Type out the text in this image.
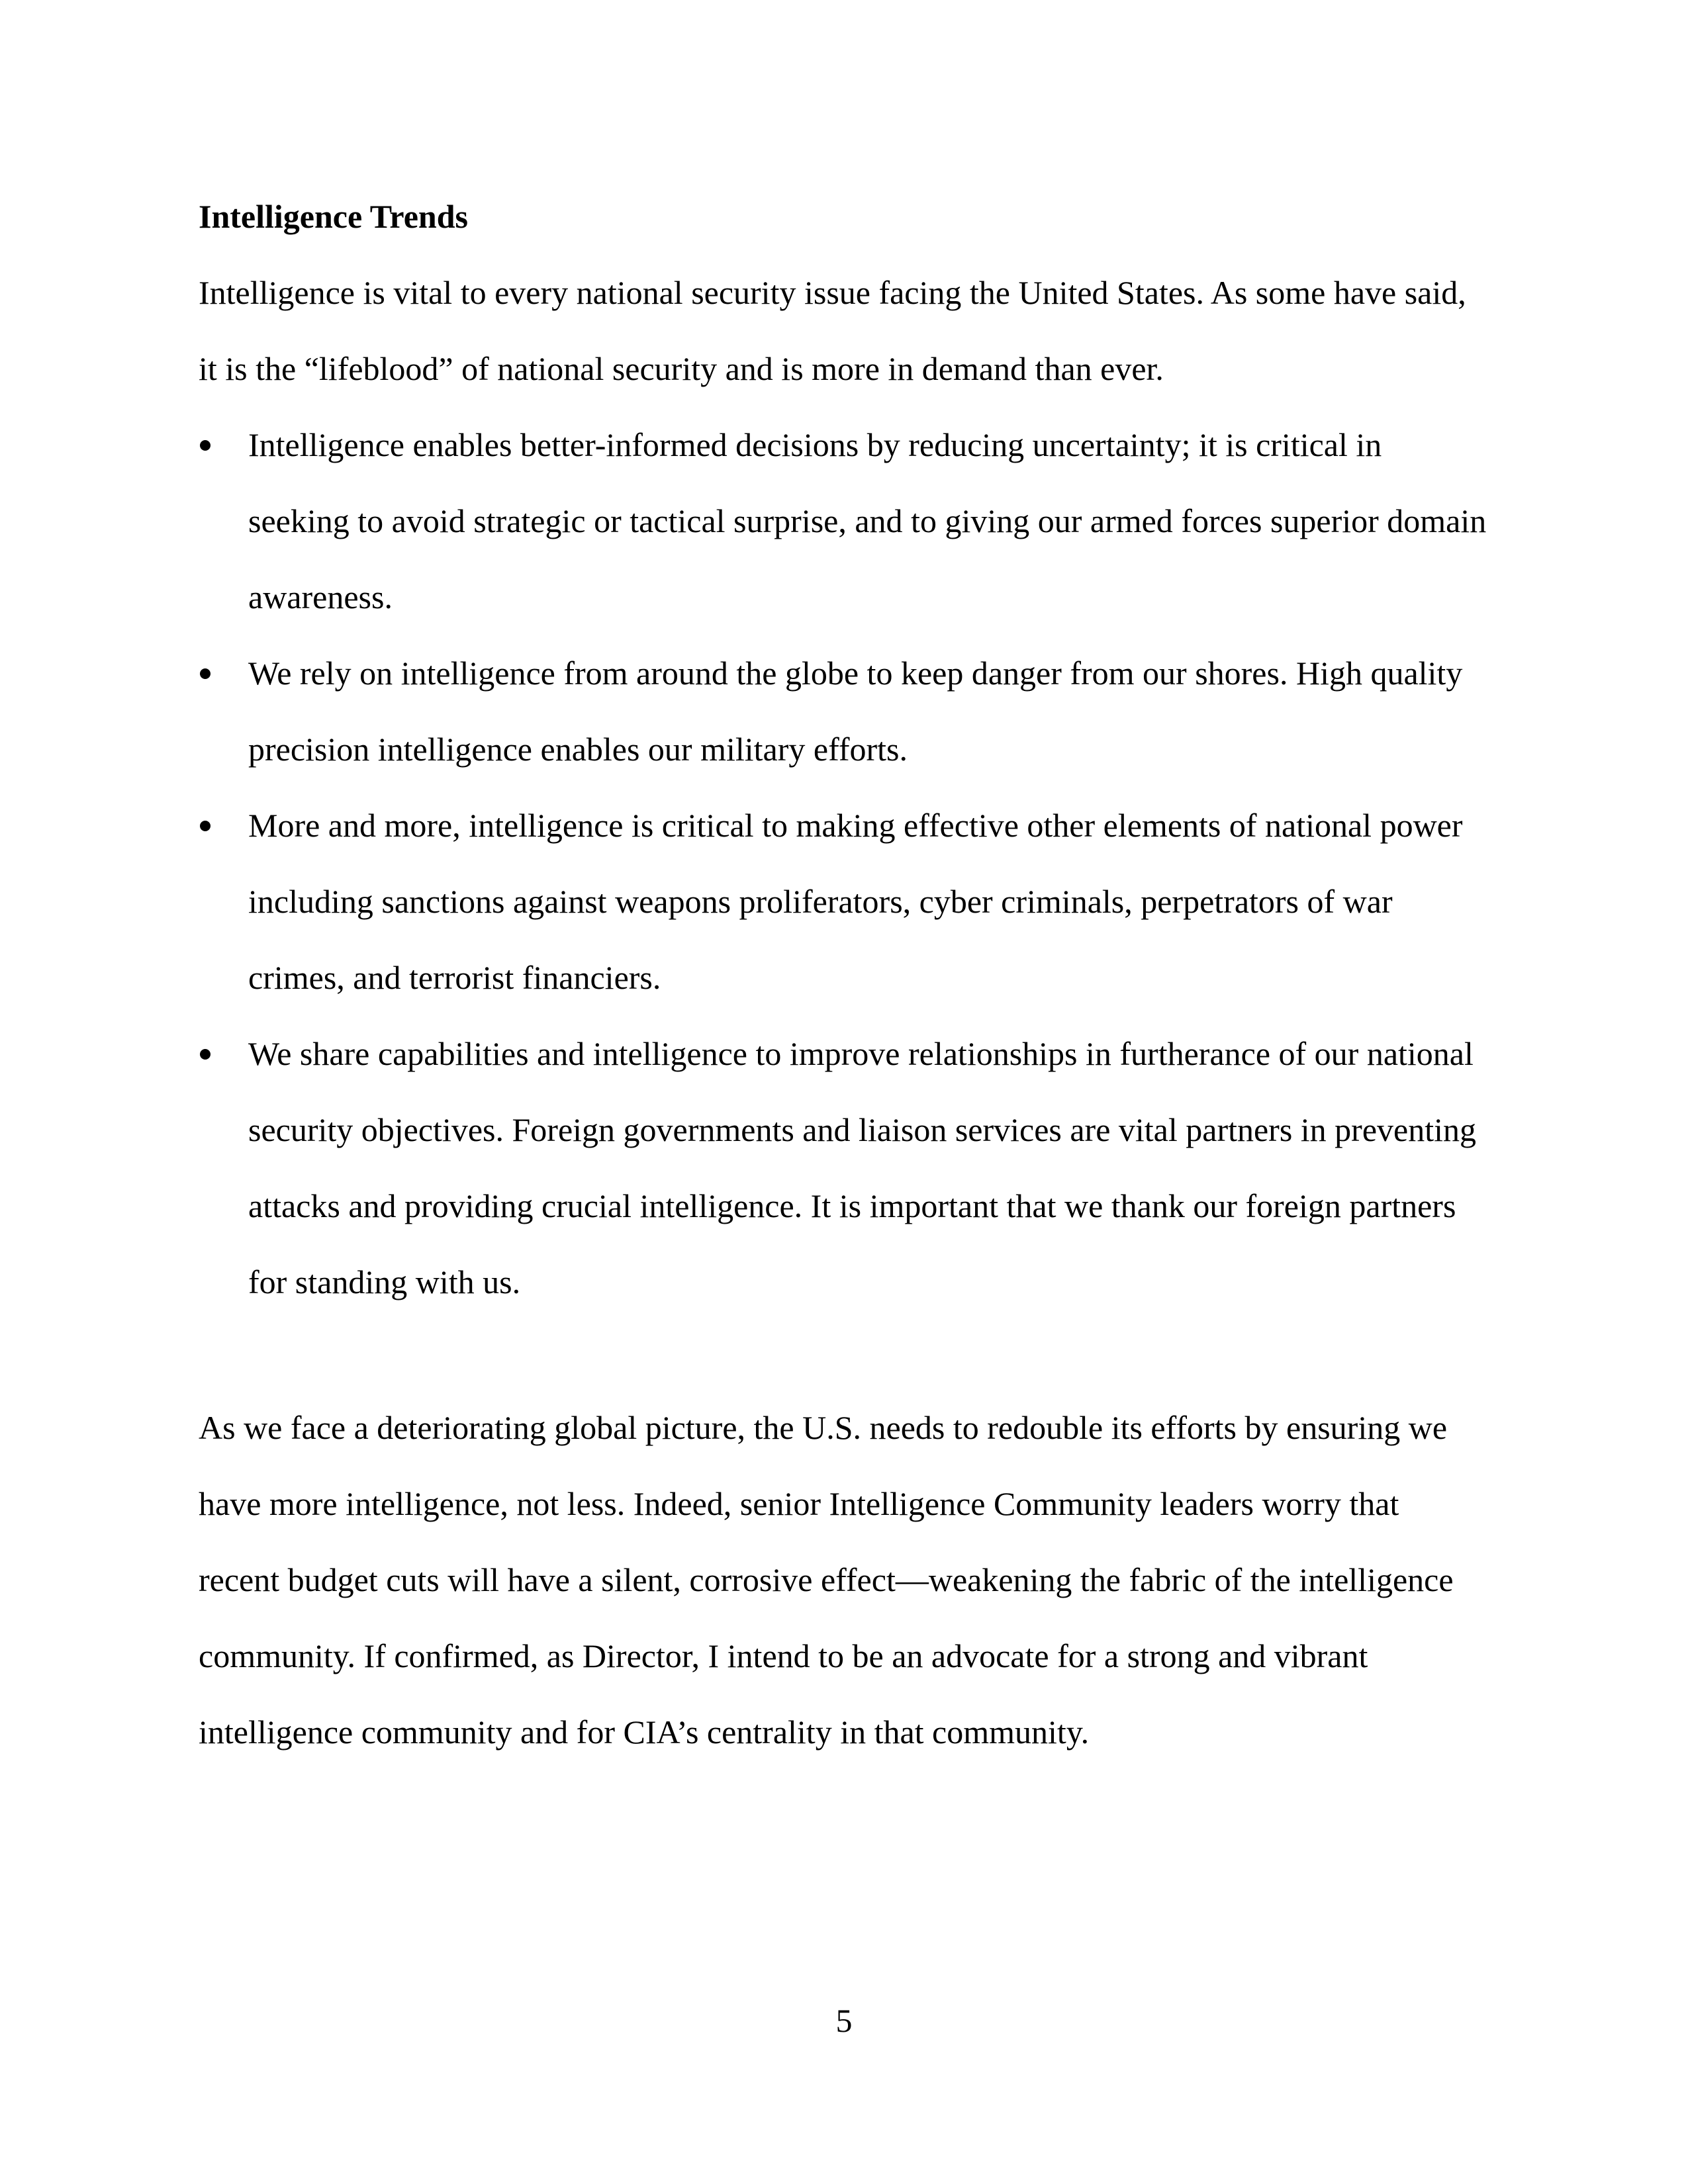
Intelligence Trends

Intelligence is vital to every national security issue facing the United States. As some have said,
it is the “lifeblood” of national security and is more in demand than ever.

Intelligence enables better-informed decisions by reducing uncertainty; it is critical in
seeking to avoid strategic or tactical surprise, and to giving our armed forces superior domain
awareness.
We rely on intelligence from around the globe to keep danger from our shores. High quality
precision intelligence enables our military efforts.
More and more, intelligence is critical to making effective other elements of national power
including sanctions against weapons proliferators, cyber criminals, perpetrators of war
crimes, and terrorist financiers.
We share capabilities and intelligence to improve relationships in furtherance of our national
security objectives. Foreign governments and liaison services are vital partners in preventing
attacks and providing crucial intelligence. It is important that we thank our foreign partners
for standing with us.

As we face a deteriorating global picture, the U.S. needs to redouble its efforts by ensuring we
have more intelligence, not less. Indeed, senior Intelligence Community leaders worry that
recent budget cuts will have a silent, corrosive effect—weakening the fabric of the intelligence
community. If confirmed, as Director, I intend to be an advocate for a strong and vibrant
intelligence community and for CIA’s centrality in that community.

5
